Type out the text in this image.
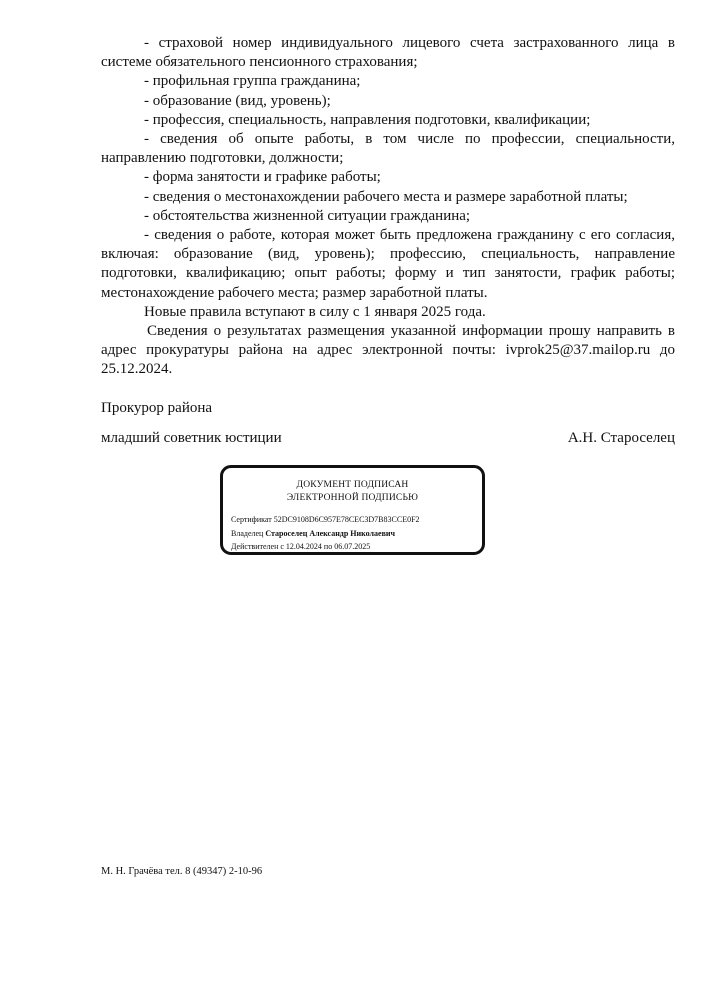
- страховой номер индивидуального лицевого счета застрахованного лица в системе обязательного пенсионного страхования;

- профильная группа гражданина;

- образование (вид, уровень);

- профессия, специальность, направления подготовки, квалификации;

- сведения об опыте работы, в том числе по профессии, специальности, направлению подготовки, должности;

- форма занятости и графике работы;

- сведения о местонахождении рабочего места и размере заработной платы;

- обстоятельства жизненной ситуации гражданина;

- сведения о работе, которая может быть предложена гражданину с его согласия, включая: образование (вид, уровень); профессию, специальность, направление подготовки, квалификацию; опыт работы; форму и тип занятости, график работы; местонахождение рабочего места; размер заработной платы.

Новые правила вступают в силу с 1 января 2025 года.

Сведения о результатах размещения указанной информации прошу направить в адрес прокуратуры района на адрес электронной почты: ivprok25@37.mailop.ru до 25.12.2024.

Прокурор района
младший советник юстиции	А.Н. Староселец
ДОКУМЕНТ ПОДПИСАН
ЭЛЕКТРОННОЙ ПОДПИСЬЮ
Сертификат 52DC9108D6C957E78CEC3D7B83CCE0F2
Владелец Староселец Александр Николаевич
Действителен с 12.04.2024 по 06.07.2025
М. Н. Грачёва тел. 8 (49347) 2-10-96
